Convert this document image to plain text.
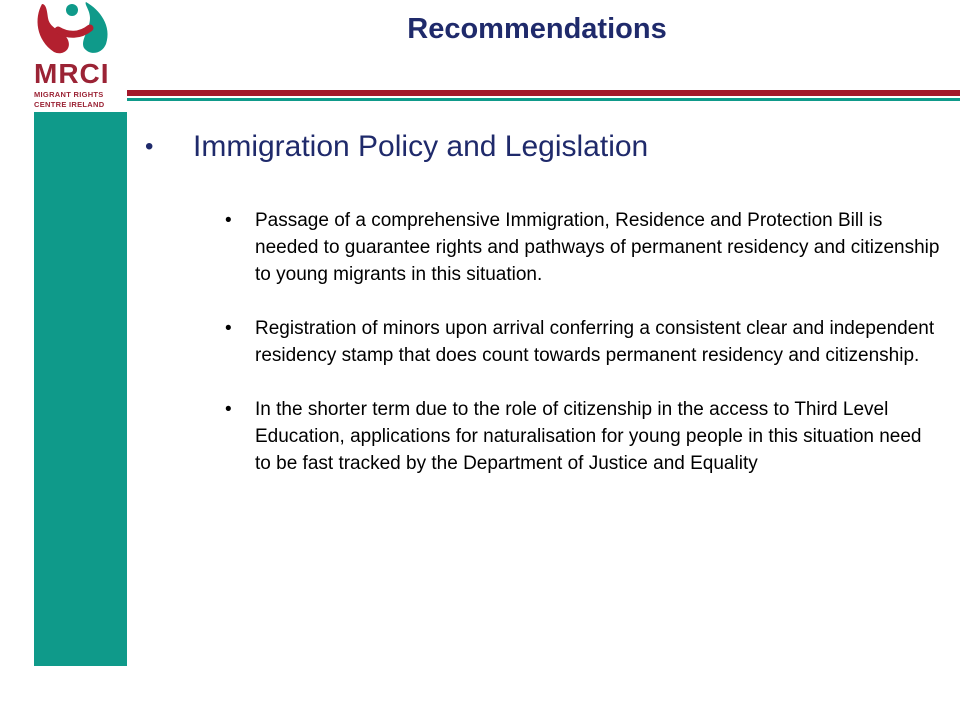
MRCI
MIGRANT RIGHTS
CENTRE IRELAND
Recommendations
• Immigration Policy and Legislation
• Passage of a comprehensive Immigration, Residence and Protection Bill is needed to guarantee rights and pathways of permanent residency and citizenship to young migrants in this situation.
• Registration of minors upon arrival conferring a consistent clear and independent residency stamp that does count towards permanent residency and citizenship.
• In the shorter term due to the role of citizenship in the access to Third Level Education, applications for naturalisation for young people in this situation need to be fast tracked by the Department of Justice and Equality
